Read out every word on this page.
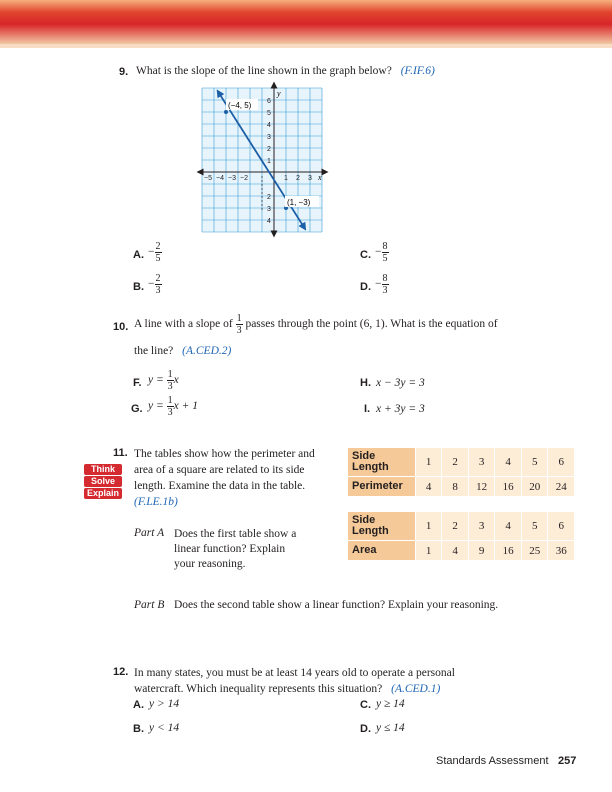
9. What is the slope of the line shown in the graph below? (F.IF.6)
y
x
−5 −4 −3 −2	1 2 3
6
5
4
3
2
1
2
3
4
(−4, 5)
(1, −3)
A. − $\frac{2}{5}$	C. − $\frac{8}{5}$
B. − $\frac{2}{3}$	D. − $\frac{8}{3}$
10. A line with a slope of $\frac{1}{3}$ passes through the point (6, 1). What is the equation of
the line? (A.CED.2)
F. $y = \frac{1}{3}$ x	H. x − 3y = 3
G. $y = \frac{1}{3}$ x + 1	I. x + 3y = 3
11. The tables show how the perimeter and
area of a square are related to its side
length. Examine the data in the table.
(F.LE.1b)
Think
Solve
Explain
Side Length	1	2	3	4	5	6
Perimeter	4	8	12	16	20	24
Side Length	1	2	3	4	5	6
Area	1	4	9	16	25	36
Part A Does the first table show a
linear function? Explain
your reasoning.
Part B Does the second table show a linear function? Explain your reasoning.
12. In many states, you must be at least 14 years old to operate a personal
watercraft. Which inequality represents this situation? (A.CED.1)
A. y > 14	C. y ≥ 14
B. y < 14	D. y ≤ 14
Standards Assessment 257
